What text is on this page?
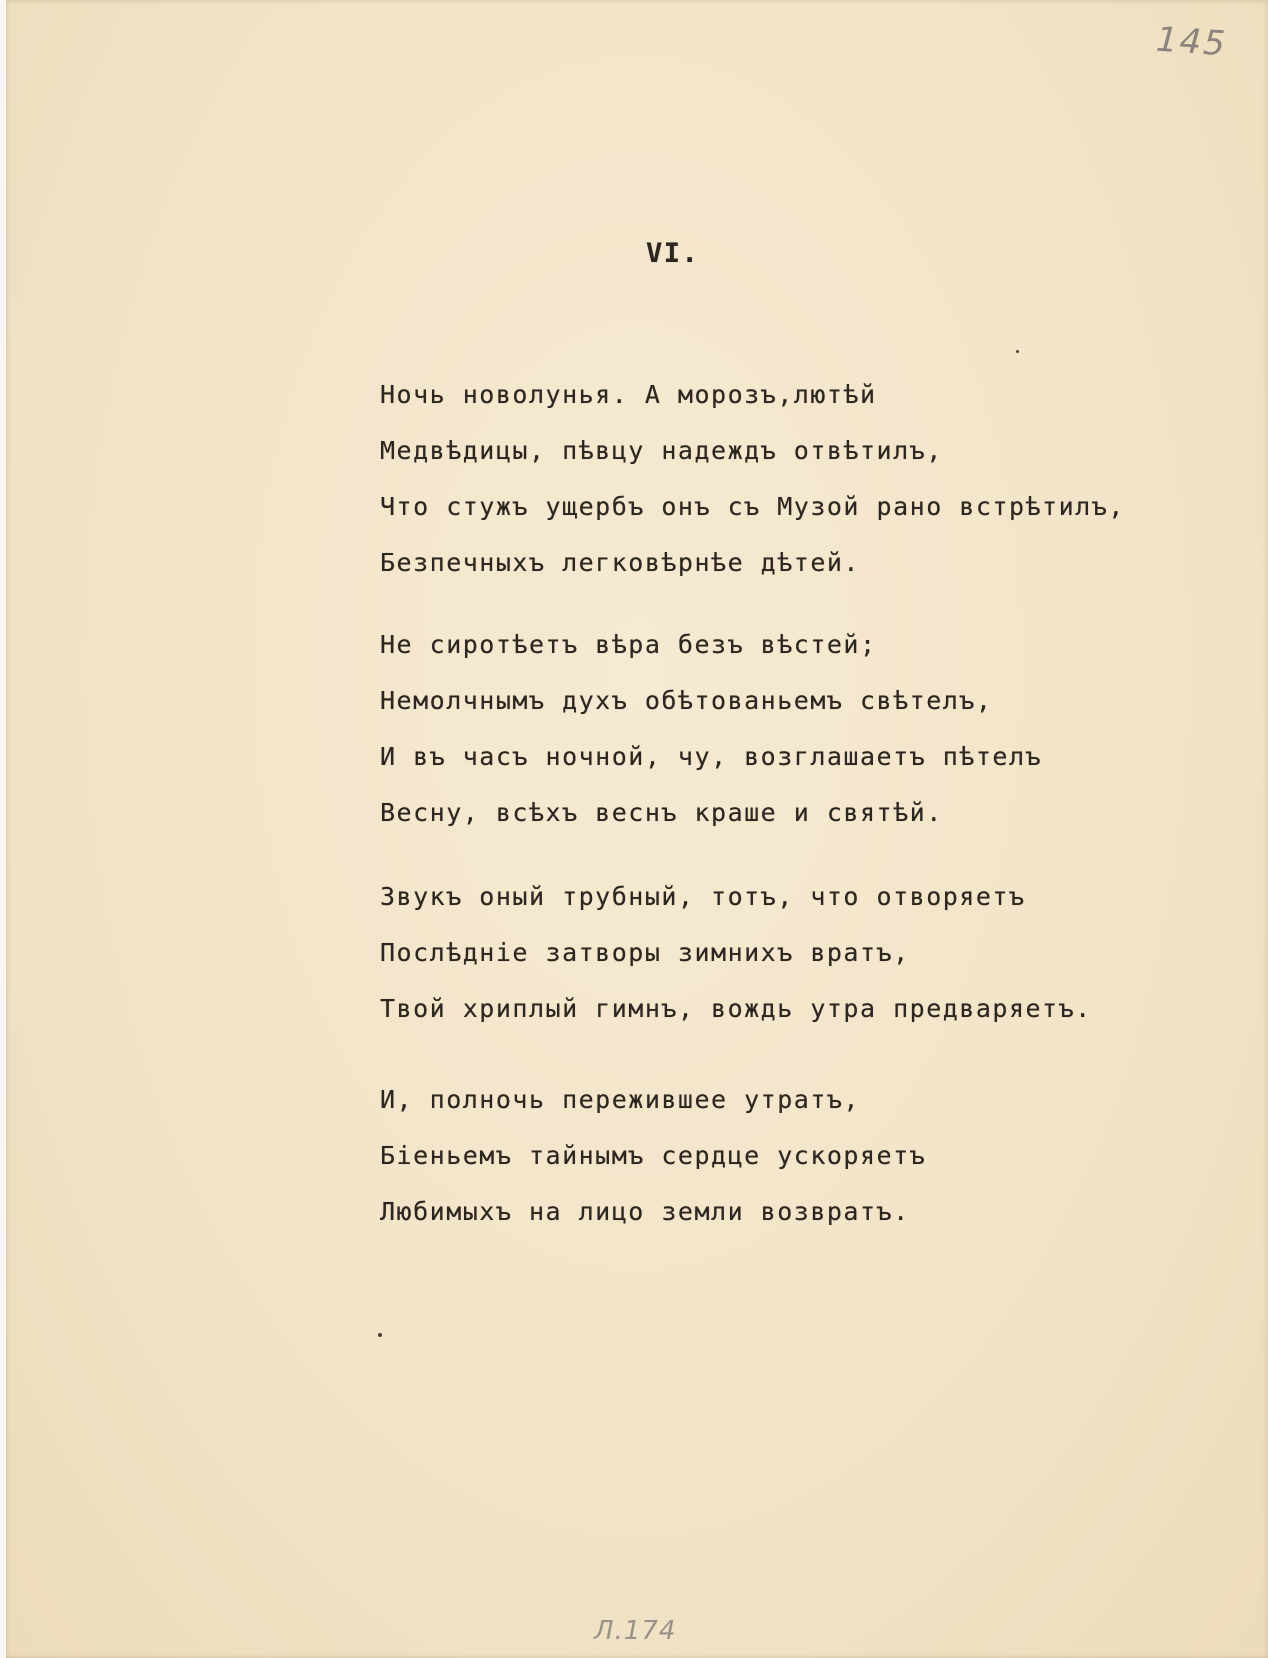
145
VI.
Ночь новолунья. А морозъ,лютѣй
Медвѣдицы, пѣвцу надеждъ отвѣтилъ,
Что стужъ ущербъ онъ съ Музой рано встрѣтилъ,
Безпечныхъ легковѣрнѣе дѣтей.
Не сиротѣетъ вѣра безъ вѣстей;
Немолчнымъ духъ обѣтованьемъ свѣтелъ,
И въ часъ ночной, чу, возглашаетъ пѣтелъ
Весну, всѣхъ веснъ краше и святѣй.
Звукъ оный трубный, тотъ, что отворяетъ
Послѣдніе затворы зимнихъ вратъ,
Твой хриплый гимнъ, вождь утра предваряетъ.
И, полночь пережившее утратъ,
Біеньемъ тайнымъ сердце ускоряетъ
Любимыхъ на лицо земли возвратъ.
Л.174
